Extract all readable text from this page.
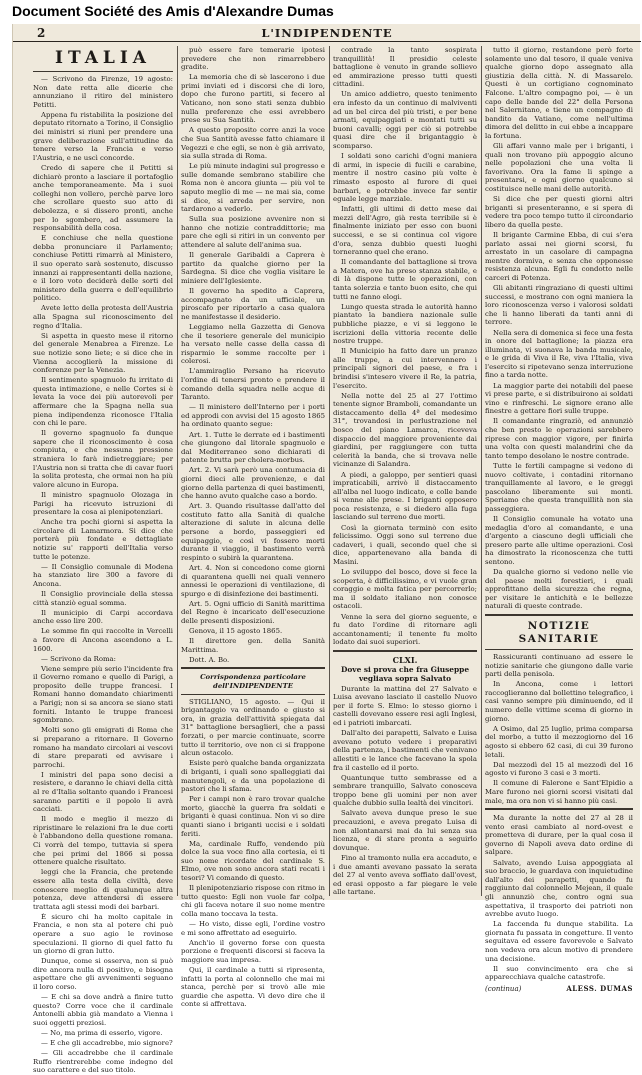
Document Société des Amis d'Alexandre Dumas
2	L'INDIPENDENTE
ITALIA

— Scrivono da Firenze, 19 agosto: Non date retta alle dicerie che annunziano il ritiro del ministero Petitti.

Appena fu ristabilita la posizione del deputato ritornato a Torino, il Consiglio dei ministri si riunì per prendere una grave deliberazione sull'attitudine da tenere verso la Francia e verso l'Austria, e ne uscì concorde.

Credo di sapere che il Petitti si dichiarò pronto a lasciare il portafoglio anche temporaneamente. Ma i suoi colleghi non vollero, perchè parve loro che scrollare questo suo atto di debolezza, e si dissero pronti, anche per lo sgombero, ad assumere la responsabilità della cosa.

E conchiuse che nella questione debba pronunciare il Parlamento; conchiuse Petitti rimarrà al Ministero, il suo operato sarà sostenuto, discusso innanzi ai rappresentanti della nazione, e il loro voto deciderà delle sorti del ministero della guerra e dell'equilibrio politico.

Avete letto della protesta dell'Austria alla Spagna sul riconoscimento del regno d'Italia.

Si aspetta in questo mese il ritorno del generale Menabrea a Firenze. Le sue notizie sono liete; e si dice che in Vienna accoglierà la missione di conferenze per la Venezia.

Il sentimento spagnuolo fu irritato di questa intimazione, e nelle Cortes si è levata la voce dei più autorevoli per affermare che la Spagna nella sua piena indipendenza riconosce l'Italia con chi le pare.

Il governo spagnuolo fa dunque sapere che il riconoscimento è cosa compiuta, e che nessuna pressione straniera lo farà indietreggiare; per l'Austria non si tratta che di cavar fuori la solita protesta, che ormai non ha più valore alcuno in Europa.

Il ministro spagnuolo Olozaga in Parigi ha ricevuto istruzioni di presentare la cosa ai plenipotenziari.

Anche tra pochi giorni si aspetta la circolare di Lamarmora. Si dice che porterà più fondate e dettagliate notizie su' rapporti dell'Italia verso tutte le potenze.

— Il Consiglio comunale di Modena ha stanziato lire 300 a favore di Ancona.

Il Consiglio provinciale della stessa città stanziò egual somma.

Il municipio di Carpi accordava anche esso lire 200.

Le somme fin qui raccolte in Vercelli a favore di Ancona ascendono a L. 1600.

— Scrivono da Roma:

Viene sempre più serio l'incidente fra il Governo romano e quello di Parigi, a proposito delle truppe francesi. I Romani hanno domandato chiarimenti a Parigi; non si sa ancora se siano stati forniti. Intanto le truppe francesi sgombrano.

Molti sono gli emigrati di Roma che si preparano a ritornare. Il Governo romano ha mandato circolari ai vescovi di stare preparati ed avvisare i parrochi.

I ministri del papa sono decisi a resistere, e daranno le chiavi della città al re d'Italia soltanto quando i Francesi saranno partiti e il popolo li avrà cacciati.

Il modo e meglio il mezzo di ripristinare le relazioni fra le due corti è l'abbandono della questione romana. Ci vorrà del tempo, tuttavia si spera che pei primi del 1866 si possa ottenere qualche risultato.

leggi che la Francia, che pretende essere alla testa della civiltà, deve conoscere meglio di qualunque altra potenza, deve attendersi di essere trattata agli stessi modi dei barbari.

È sicuro chi ha molto capitale in Francia, e non sta al potere chi può operare a suo agio le rovinose speculazioni. Il giorno di quel fatto fu un giorno di gran lutto.

Dunque, come si osserva, non si può dire ancora nulla di positivo, e bisogna aspettare che gli avvenimenti seguano il loro corso.

— E chi sa dove andrà a finire tutto questo? Corre voce che il cardinale Antonelli abbia già mandato a Vienna i suoi oggetti preziosi.

— No, ma prima di esserlo, vigore.

— E che gli accadrebbe, mio signore?

— Gli accadrebbe che il cardinale Ruffo rientrerebbe come indegno del suo carattere e del suo titolo.

può essere fare temerarie ipotesi prevedere che non rimarrebbero gradite.

La memoria che di sè lascerono i due primi inviati ed i discorsi che di loro, dopo che furono partiti, si fecero al Vaticano, non sono stati senza dubbio nulla preferenze che essi avrebbero prese su Sua Santità.

A questo proposito corre anzi la voce che Sua Santità avesse fatto chiamare il Vegezzi e che egli, se non è già arrivato, sia sulla strada di Roma.

Le più minute indagini sul progresso e sulle domande sembrano stabilire che Roma non è ancora giunta — più vol te saputo meglio di me — ne mai sia, come si dice, si arreda per servire, non tardarono a vederlo.

Sulla sua posizione avvenire non si hanno che notizie contraddittorie; ma pare che egli si ritiri in un convento per attendere al salute dell'anima sua.

Il generale Garibaldi a Caprera è partito da qualche giorno per la Sardegna. Si dice che voglia visitare le miniere dell'Iglesiente.

Il governo ha spedito a Caprera, accompagnato da un ufficiale, un piroscafo per riportarlo a casa qualora ne manifestasse il desiderio.

Leggiamo nella Gazzetta di Genova che il tesoriere generale del municipio ha versato nelle casse della cassa di risparmio le somme raccolte per i colerosi.

L'ammiraglio Persano ha ricevuto l'ordine di tenersi pronto e prendere il comando della squadra nelle acque di Taranto.

— Il ministero dell'Interno per i porti ed approdi con avvisi del 15 agosto 1865 ha ordinato quanto segue:

Art. 1. Tutte le derrate ed i bastimenti che giungono dal litorale spagnuolo e dal Mediterraneo sono dichiarati di patente brutta per cholera-morbus.

Art. 2. Vi sarà però una contumacia di giorni dieci alle provenienze, e dal giorno della partenza di quei bastimenti, che hanno avuto qualche caso a bordo.

Art. 3. Quando risultasse dall'atto del costituto fatto alla Sanità di qualche alterazione di salute in alcuna delle persone a bordo, passeggieri ed equipaggio, e così vi fossero morti durante il viaggio, il bastimento verrà respinto o subirà la quarantena.

Art. 4. Non si concedono come giorni di quarantena quelli nei quali vennero annessi le operazioni di ventilazione, di spurgo e di disinfezione dei bastimenti.

Art. 5. Ogni ufficio di Sanità marittima del Regno è incaricato dell'esecuzione delle presenti disposizioni.

Genova, il 15 agosto 1865.

Il direttore gen. della Sanità Marittima.

Dott. A. Bo.

Corrispondenza particolare dell'INDIPENDENTE

STIGLIANO, 15 agosto. — Qui il brigantaggio va ordinando e giusto si ora, in grazia dell'attività spiegata dal 31° battaglione bersaglieri, che a passi forzati, o per marcie continuate, scorre tutto il territorio, ove non ci si frappone alcun ostacolo.

Esiste però qualche banda organizzata di briganti, i quali sono spalleggiati dai manutengoli, e da una popolazione di pastori che li sfama.

Per i campi non è raro trovar qualche morto, giacchè la guerra fra soldati e briganti è quasi continua. Non vi so dire quanti siano i briganti uccisi e i soldati feriti.

Ma, cardinale Ruffo, vendendo più dolce la sua voce fino alla cortesia, ei ti suo nome ricordate del cardinale S. Elmo, ove non sono ancora stati recati i tesori? Vi comando di questo.

Il plenipotenziario rispose con ritmo in tutto questo: Egli non vuole far colpa, chi gli faceva notare il suo nome mentre colla mano toccava la testa.

— Ho visto, disse egli, l'ordine vostro e mi sono affrettato ad eseguirlo.

Anch'io il governo forse con questa porzione e frequenti discorsi si faceva la maggiore sua impresa.

Qui, il cardinale a tutti si ripresenta, infatti la porta al colonnello che mai mi stanca, perchè per si trovò alle mie guardie che aspetta. Vi devo dire che il conte si affrettava.

contrade la tanto sospirata tranquillità! Il presidio celeste battaglione è venuto in grande sollievo ed ammirazione presso tutti questi cittadini.

Un amico addietro, questo tenimento era infesto da un continuo di malviventi ad un bel circa del più tristi, e per bene armati, equipaggiati e montati tutti su buoni cavalli; oggi per ciò si potrebbe quasi dire che il brigantaggio è scomparso.

I soldati sono carichi d'ogni maniera di armi, in ispecie di fucili e carabine, mentre il nostro casino più volte è rimasto esposto al furore di quei barbari, e potrebbe invece far sentir eguale legge marziale.

Infatti, gli ultimi di detto mese dai mezzi dell'Agro, già resta terribile si è finalmente iniziato per esso con buoni successi, e se si continua col vigore d'ora, senza dubbio questi luoghi torneranno quel che erano.

Il comandante del battaglione si trova a Matera, ove ha preso stanza stabile, e di là dispone tutte le operazioni, con tanta solerzia e tanto buon esito, che qui tutti ne fanno elogi.

Lungo questa strada le autorità hanno piantato la bandiera nazionale sulle pubbliche piazze, e vi si leggono le iscrizioni della vittoria recente delle nostre truppe.

Il Municipio ha fatto dare un pranzo alle truppe, a cui intervennero i principali signori del paese, e fra i brindisi s'intesero vivere il Re, la patria, l'esercito.

Nella notte del 25 al 27 l'ottimo tenente signor Bramboli, comandante un distaccamento della 4ª del medesimo 31°, trovandosi in perlustrazione nel bosco del piano Lamarca, riceveva dispaccio del maggiore proveniente dai giardini, per raggiungere con tutta celerità la banda, che si trovava nelle vicinanze di Salandra.

A piedi, a galoppo, per sentieri quasi impraticabili, arrivò il distaccamento all'alba nel luogo indicato, e colle bande si venne alle prese. I briganti opposero poca resistenza, e si diedero alla fuga lasciando sul terreno due morti.

Così la giornata terminò con esito felicissimo. Oggi sono sul terreno due cadaveri, i quali, secondo quel che si dice, appartenevano alla banda di Masini.

Lo sviluppo del bosco, dove si fece la scoperta, è difficilissimo, e vi vuole gran coraggio e molta fatica per percorrerlo; ma il soldato italiano non conosce ostacoli.

Venne la sera del giorno seguente, e fu dato l'ordine di ritornare agli accantonamenti; il tenente fu molto lodato dai suoi superiori.

CLXI.
Dove si prova che fra Giuseppe vegliava sopra Salvato

Durante la mattina del 27 Salvato e Luisa avevano lasciato il castello Nuovo per il forte S. Elmo: lo stesso giorno i castelli dovevano essere resi agli Inglesi, ed i patrioti imbarcati.

Dall'alto dei parapetti, Salvato e Luisa avevano potuto vedere i preparativi della partenza, i bastimenti che venivano allestiti e le lance che facevano la spola fra il castello ed il porto.

Quantunque tutto sembrasse ed a sembrare tranquillo, Salvato conosceva troppo bene gli uomini per non aver qualche dubbio sulla lealtà dei vincitori.

Salvato aveva dunque preso le sue precauzioni, e aveva pregato Luisa di non allontanarsi mai da lui senza sua licenza, e di stare pronta a seguirlo dovunque.

Fino al tramonto nulla era accaduto, e i due amanti avevano passato la serata del 27 al vento aveva soffiato dall'ovest, ed erasi opposto a far piegare le vele alle tartane.

tutto il giorno, restandone però forte solamente uno dal tesoro, il quale veniva qualche giorno dopo assegnato alla giustizia della città. N. di Massarelo. Questi è un cortigiano cognominato Falcone. L'altro compagno poi, — è un capo delle bande del 22° della Persona nel Salernitano, e tiene un compagno di bandito da Vatiano, come nell'ultima dimora del delitto in cui ebbe a incappare la fortuna.

Gli affari vanno male per i briganti, i quali non trovano più appoggio alcuno nelle popolazioni che una volta li favorivano. Ora la fame li spinge a presentarsi, e ogni giorno qualcuno si costituisce nelle mani delle autorità.

Si dice che per questi giorni altri briganti si presenteranno, e si spera di vedere tra poco tempo tutto il circondario libero da quella peste.

Il brigante Carmine Ebba, di cui s'era parlato assai nei giorni scorsi, fu arrestato in un casolare di campagna mentre dormiva, e senza che opponesse resistenza alcuna. Egli fu condotto nelle carceri di Potenza.

Gli abitanti ringraziano di questi ultimi successi, e mostrano con ogni maniera la loro riconoscenza verso i valorosi soldati che li hanno liberati da tanti anni di terrore.

Nella sera di domenica si fece una festa in onore del battaglione; la piazza era illuminata, vi suonava la banda musicale, e le grida di Viva il Re, viva l'Italia, viva l'esercito si ripetevano senza interruzione fino a tarda notte.

La maggior parte dei notabili del paese vi prese parte, e si distribuirono ai soldati vino e rinfreschi. Le signore erano alle finestre a gettare fiori sulle truppe.

Il comandante ringraziò, ed annunziò che ben presto le operazioni sarebbero riprese con maggior vigore, per finirla una volta con questi malandrini che da tanto tempo desolano le nostre contrade.

Tutte le fertili campagne si vedono di nuovo coltivate, i contadini ritornano tranquillamente al lavoro, e le greggi pascolano liberamente sui monti. Speriamo che questa tranquillità non sia passeggiera.

Il Consiglio comunale ha votato una medaglia d'oro al comandante, e una d'argento a ciascuno degli ufficiali che presero parte alle ultime operazioni. Così ha dimostrato la riconoscenza che tutti sentono.

Da qualche giorno si vedono nelle vie del paese molti forestieri, i quali approfittano della sicurezza che regna, per visitare le antichità e le bellezze naturali di queste contrade.

NOTIZIE SANITARIE

Rassicuranti continuano ad essere le notizie sanitarie che giungono dalle varie parti della penisola.

In Ancona, come i lettori raccoglieranno dal bollettino telegrafico, i casi vanno sempre più diminuendo, ed il numero delle vittime scema di giorno in giorno.

A Osimo, dal 25 luglio, prima comparsa del morbo, a tutto il mezzogiorno del 16 agosto si ebbero 62 casi, di cui 39 furono letali.

Dal mezzodì del 15 al mezzodì del 16 agosto vi furono 3 casi e 3 morti.

Il comune di Falerone e Sant'Elpidio a Mare furono nei giorni scorsi visitati dal male, ma ora non vi si hanno più casi.

Ma durante la notte del 27 al 28 il vento erasi cambiato al nord-ovest e prometteva di durare, per la qual cosa il governo di Napoli aveva dato ordine di salpare.

Salvato, avendo Luisa appoggiata al suo braccio, le guardava con inquietudine dall'alto dei parapetti, quando fu raggiunto dal colonnello Mejean, il quale gli annunziò che, contro ogni sua aspettativa, il trasporto dei patrioti non avrebbe avuto luogo.

La faccenda fu dunque stabilita. La giornata fu passata in congetture. Il vento seguitava ed essere favorevole e Salvato non vedeva ora alcun motivo di prendere una decisione.

Il suo convincimento era che si apparecchiava qualche catastrofe.

(continua)	ALESS. DUMAS
